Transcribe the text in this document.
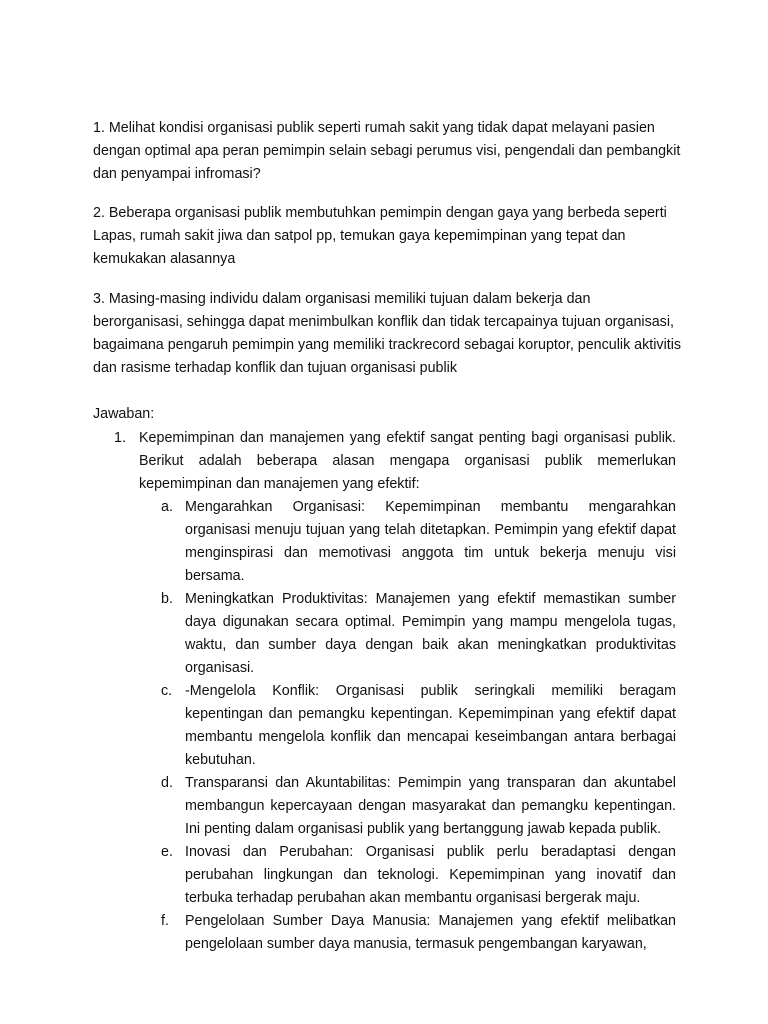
1. Melihat kondisi organisasi publik seperti rumah sakit yang tidak dapat melayani pasien dengan optimal apa peran pemimpin selain sebagi perumus visi, pengendali dan pembangkit dan penyampai infromasi?

2. Beberapa organisasi publik membutuhkan pemimpin dengan gaya yang berbeda seperti Lapas, rumah sakit jiwa dan satpol pp, temukan gaya kepemimpinan yang tepat dan kemukakan alasannya

3. Masing-masing individu dalam organisasi memiliki tujuan dalam bekerja dan berorganisasi, sehingga dapat menimbulkan konflik dan tidak tercapainya tujuan organisasi, bagaimana pengaruh pemimpin yang memiliki trackrecord sebagai koruptor, penculik aktivitis dan rasisme terhadap konflik dan tujuan organisasi publik

Jawaban:

1. Kepemimpinan dan manajemen yang efektif sangat penting bagi organisasi publik. Berikut adalah beberapa alasan mengapa organisasi publik memerlukan kepemimpinan dan manajemen yang efektif:

a. Mengarahkan Organisasi: Kepemimpinan membantu mengarahkan organisasi menuju tujuan yang telah ditetapkan. Pemimpin yang efektif dapat menginspirasi dan memotivasi anggota tim untuk bekerja menuju visi bersama.

b. Meningkatkan Produktivitas: Manajemen yang efektif memastikan sumber daya digunakan secara optimal. Pemimpin yang mampu mengelola tugas, waktu, dan sumber daya dengan baik akan meningkatkan produktivitas organisasi.

c. -Mengelola Konflik: Organisasi publik seringkali memiliki beragam kepentingan dan pemangku kepentingan. Kepemimpinan yang efektif dapat membantu mengelola konflik dan mencapai keseimbangan antara berbagai kebutuhan.

d. Transparansi dan Akuntabilitas: Pemimpin yang transparan dan akuntabel membangun kepercayaan dengan masyarakat dan pemangku kepentingan. Ini penting dalam organisasi publik yang bertanggung jawab kepada publik.

e. Inovasi dan Perubahan: Organisasi publik perlu beradaptasi dengan perubahan lingkungan dan teknologi. Kepemimpinan yang inovatif dan terbuka terhadap perubahan akan membantu organisasi bergerak maju.

f. Pengelolaan Sumber Daya Manusia: Manajemen yang efektif melibatkan pengelolaan sumber daya manusia, termasuk pengembangan karyawan,
